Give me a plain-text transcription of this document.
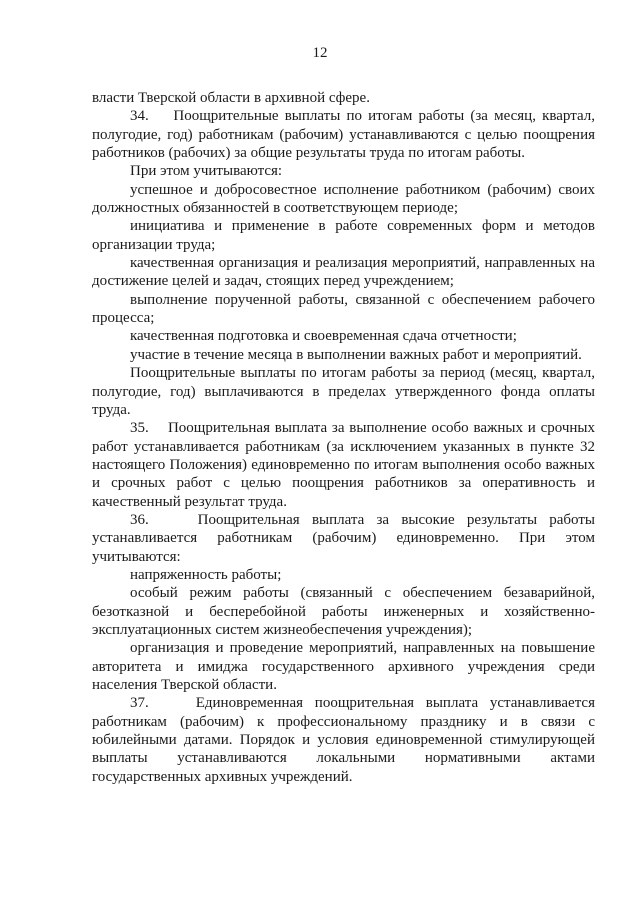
12

власти Тверской области в архивной сфере.

34.    Поощрительные выплаты по итогам работы (за месяц, квартал, полугодие, год) работникам (рабочим) устанавливаются с целью поощрения работников (рабочих) за общие результаты труда по итогам работы.

При этом учитываются:

успешное и добросовестное исполнение работником (рабочим) своих должностных обязанностей в соответствующем периоде;

инициатива и применение в работе современных форм и методов организации труда;

качественная организация и реализация мероприятий, направленных на достижение целей и задач, стоящих перед учреждением;

выполнение порученной работы, связанной с обеспечением рабочего процесса;

качественная подготовка и своевременная сдача отчетности;

участие в течение месяца в выполнении важных работ и мероприятий.

Поощрительные выплаты по итогам работы за период (месяц, квартал, полугодие, год) выплачиваются в пределах утвержденного фонда оплаты труда.

35.    Поощрительная выплата за выполнение особо важных и срочных работ устанавливается работникам (за исключением указанных в пункте 32 настоящего Положения) единовременно по итогам выполнения особо важных и срочных работ с целью поощрения работников за оперативность и качественный результат труда.

36.    Поощрительная выплата за высокие результаты работы устанавливается работникам (рабочим) единовременно. При этом учитываются:

напряженность работы;

особый режим работы (связанный с обеспечением безаварийной, безотказной и бесперебойной работы инженерных и хозяйственно-эксплуатационных систем жизнеобеспечения учреждения);

организация и проведение мероприятий, направленных на повышение авторитета и имиджа государственного архивного учреждения среди населения Тверской области.

37.    Единовременная поощрительная выплата устанавливается работникам (рабочим) к профессиональному празднику и в связи с юбилейными датами. Порядок и условия единовременной стимулирующей выплаты устанавливаются локальными нормативными актами государственных архивных учреждений.
